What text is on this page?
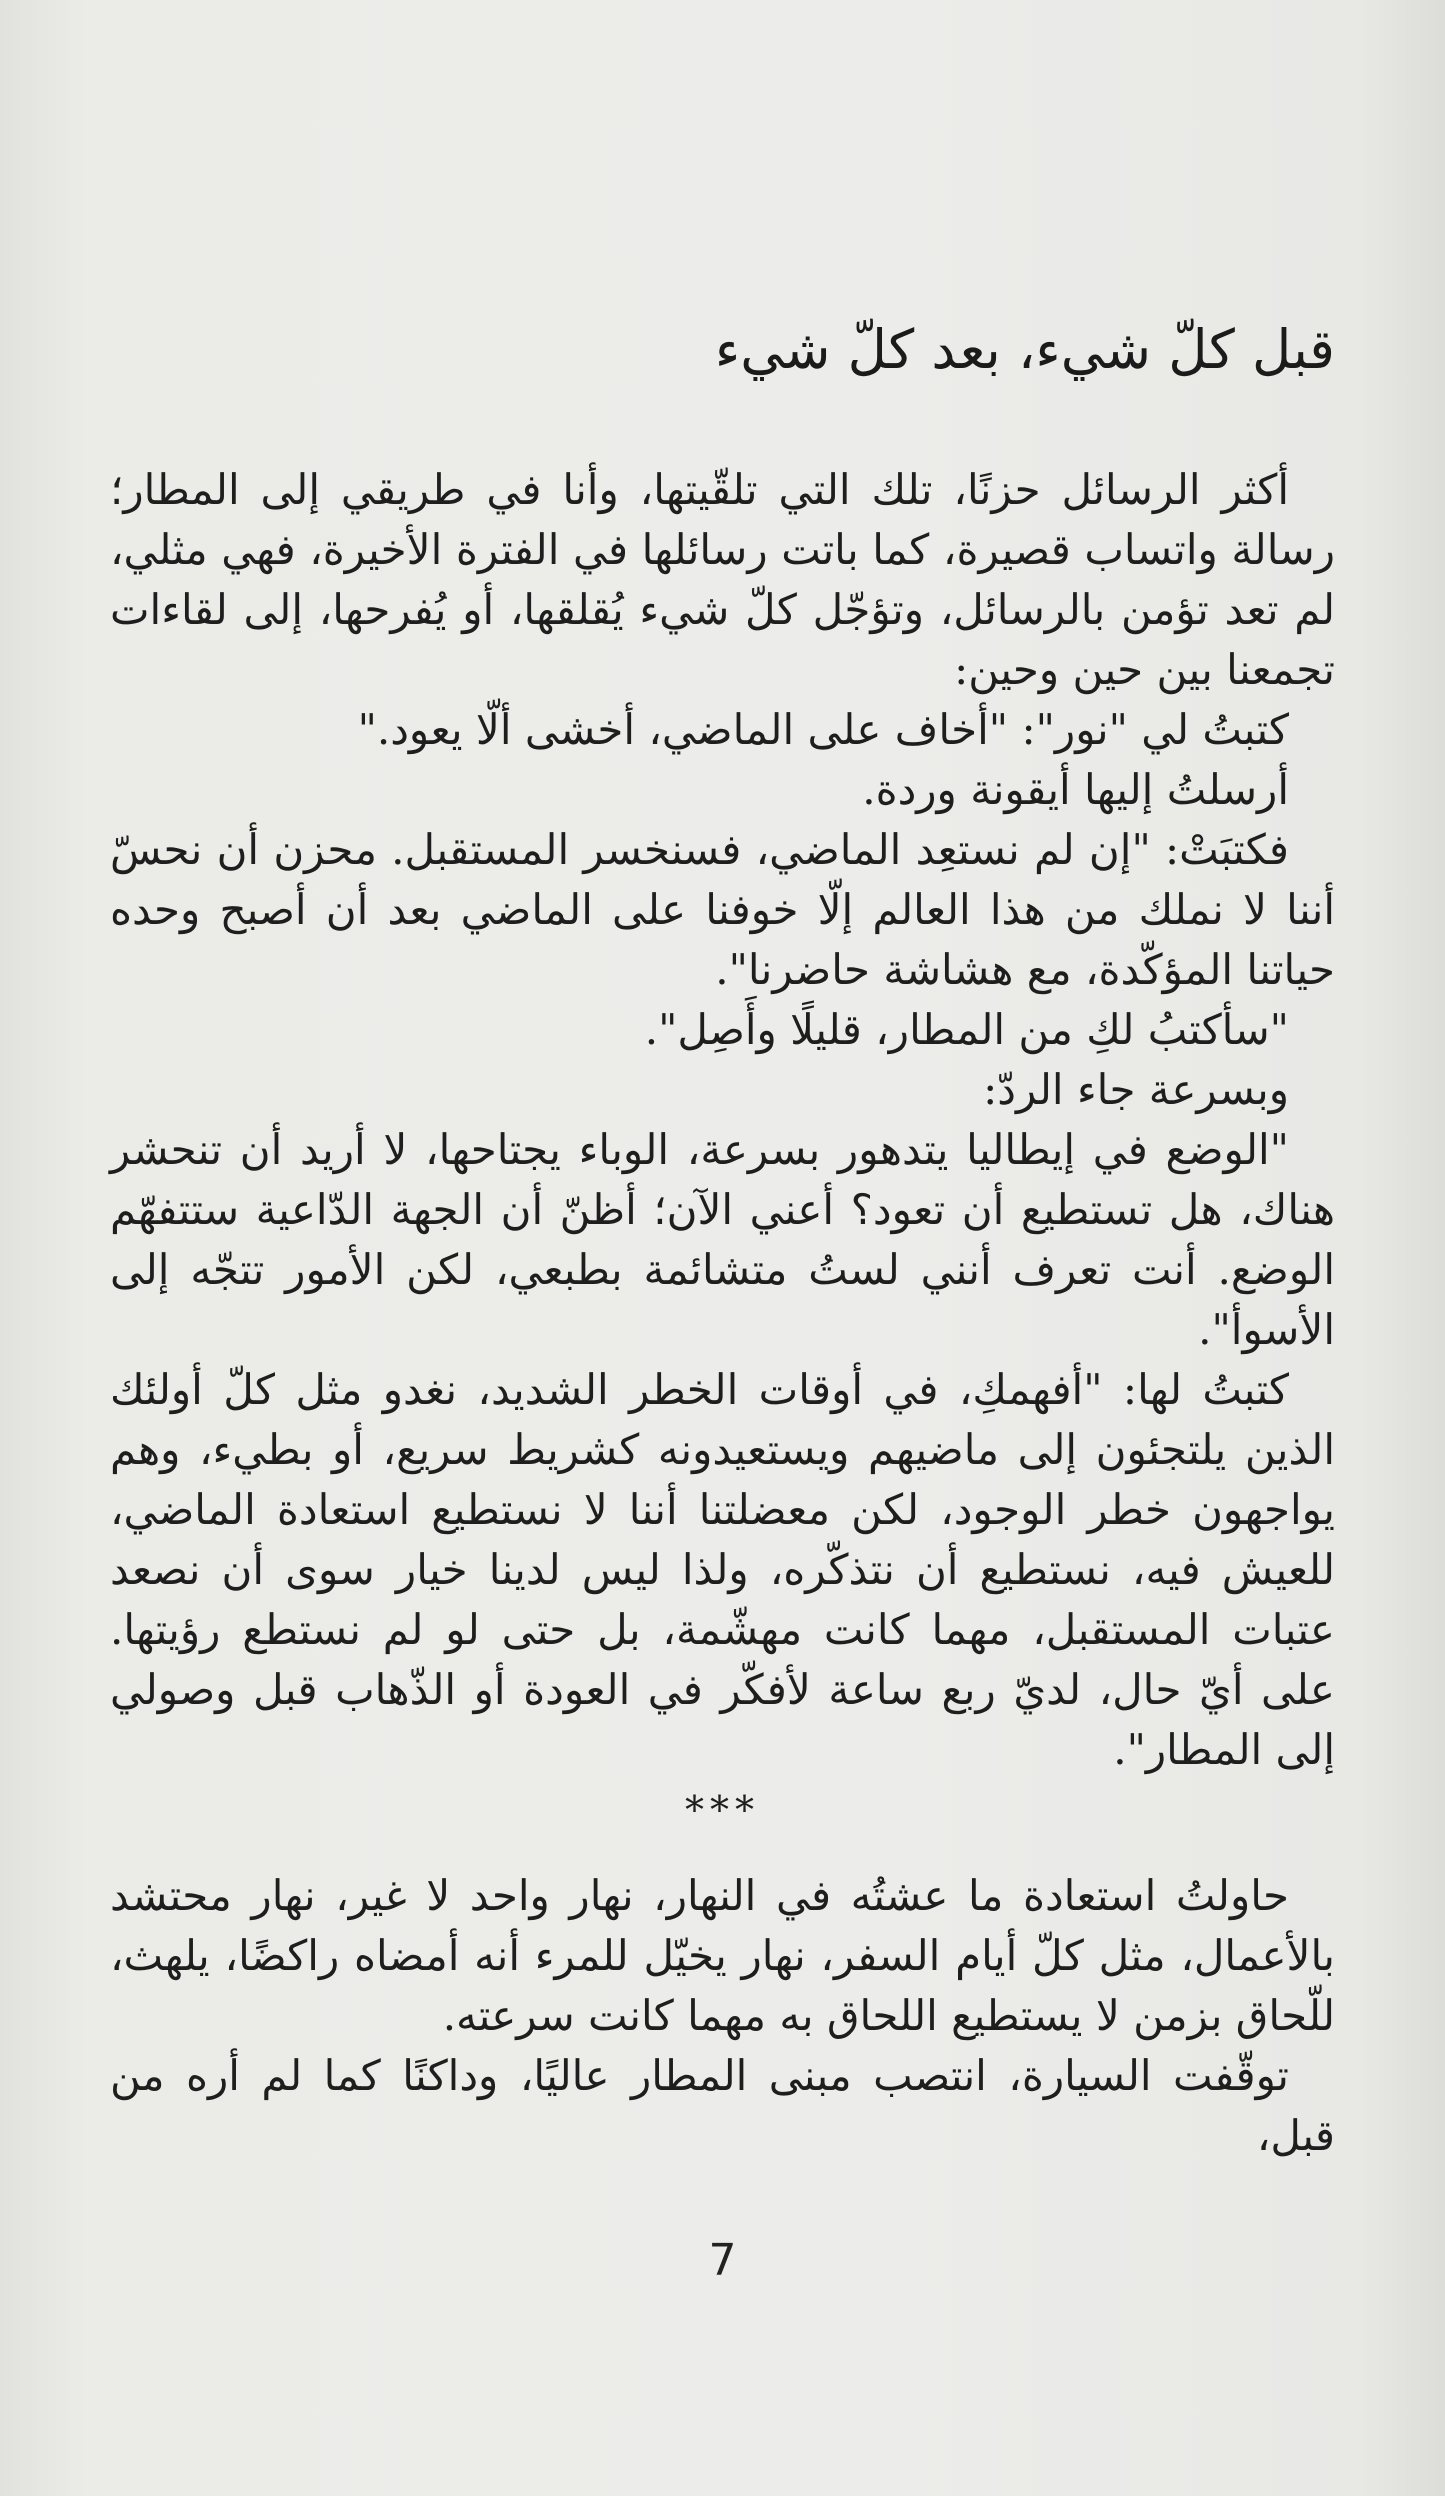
قبل كلّ شيء، بعد كلّ شيء

أكثر الرسائل حزنًا، تلك التي تلقّيتها، وأنا في طريقي إلى المطار؛ رسالة واتساب قصيرة، كما باتت رسائلها في الفترة الأخيرة، فهي مثلي، لم تعد تؤمن بالرسائل، وتؤجّل كلّ شيء يُقلقها، أو يُفرحها، إلى لقاءات تجمعنا بين حين وحين:

كتبتُ لي "نور": "أخاف على الماضي، أخشى ألّا يعود."

أرسلتُ إليها أيقونة وردة.

فكتبَتْ: "إن لم نستعِد الماضي، فسنخسر المستقبل. محزن أن نحسّ أننا لا نملك من هذا العالم إلّا خوفنا على الماضي بعد أن أصبح وحده حياتنا المؤكّدة، مع هشاشة حاضرنا".

"سأكتبُ لكِ من المطار، قليلًا وأَصِل".

وبسرعة جاء الردّ:

"الوضع في إيطاليا يتدهور بسرعة، الوباء يجتاحها، لا أريد أن تنحشر هناك، هل تستطيع أن تعود؟ أعني الآن؛ أظنّ أن الجهة الدّاعية ستتفهّم الوضع. أنت تعرف أنني لستُ متشائمة بطبعي، لكن الأمور تتجّه إلى الأسوأ".

كتبتُ لها: "أفهمكِ، في أوقات الخطر الشديد، نغدو مثل كلّ أولئك الذين يلتجئون إلى ماضيهم ويستعيدونه كشريط سريع، أو بطيء، وهم يواجهون خطر الوجود، لكن معضلتنا أننا لا نستطيع استعادة الماضي، للعيش فيه، نستطيع أن نتذكّره، ولذا ليس لدينا خيار سوى أن نصعد عتبات المستقبل، مهما كانت مهشّمة، بل حتى لو لم نستطع رؤيتها. على أيّ حال، لديّ ربع ساعة لأفكّر في العودة أو الذّهاب قبل وصولي إلى المطار".

***

حاولتُ استعادة ما عشتُه في النهار، نهار واحد لا غير، نهار محتشد بالأعمال، مثل كلّ أيام السفر، نهار يخيّل للمرء أنه أمضاه راكضًا، يلهث، للّحاق بزمن لا يستطيع اللحاق به مهما كانت سرعته.

توقّفت السيارة، انتصب مبنى المطار عاليًا، وداكنًا كما لم أره من قبل،

7
